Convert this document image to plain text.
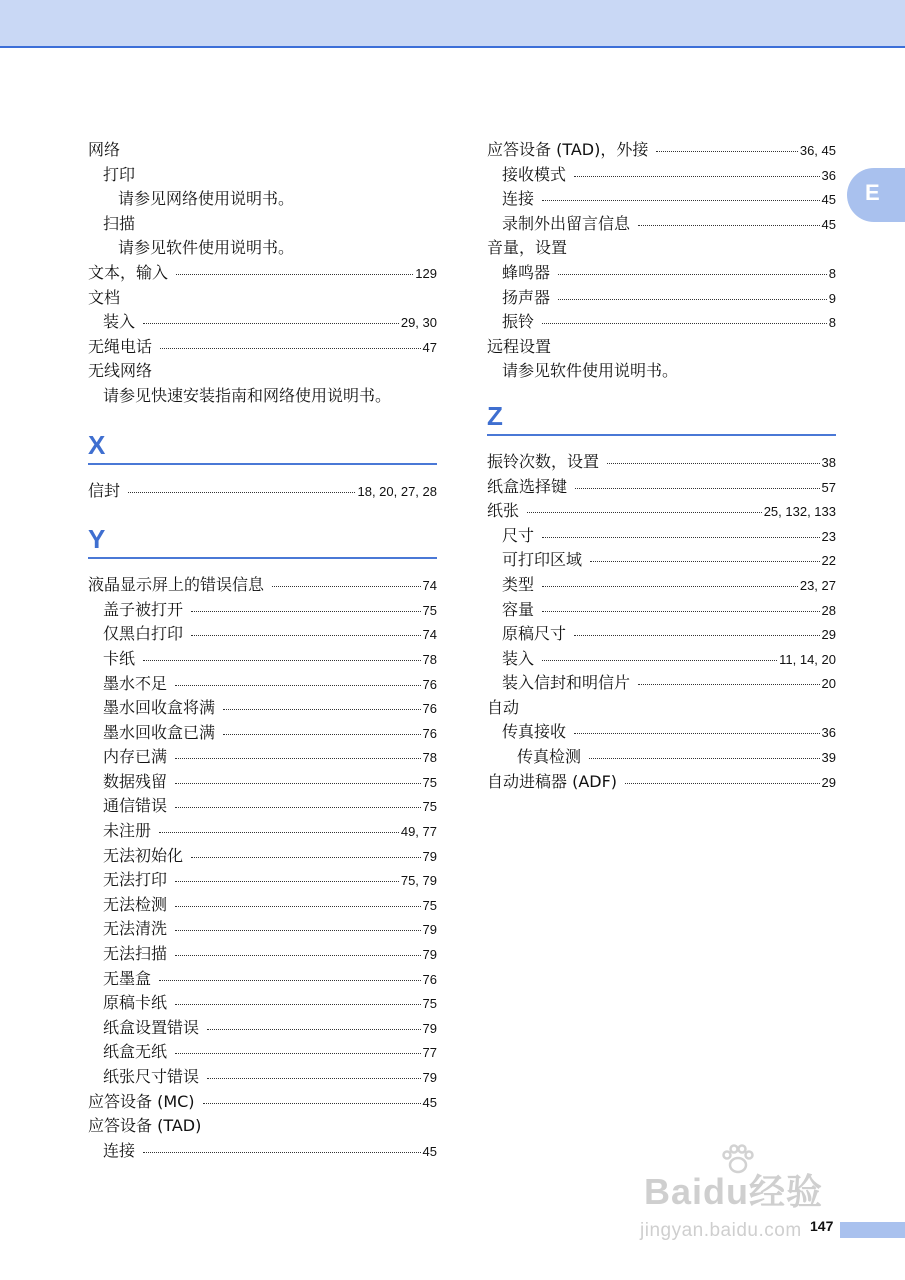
E
网络
打印
请参见网络使用说明书。
扫描
请参见软件使用说明书。
文本，输入	129
文档
装入	29, 30
无绳电话	47
无线网络
请参见快速安装指南和网络使用说明书。
X
信封	18, 20, 27, 28
Y
液晶显示屏上的错误信息	74
盖子被打开	75
仅黑白打印	74
卡纸	78
墨水不足	76
墨水回收盒将满	76
墨水回收盒已满	76
内存已满	78
数据残留	75
通信错误	75
未注册	49, 77
无法初始化	79
无法打印	75, 79
无法检测	75
无法清洗	79
无法扫描	79
无墨盒	76
原稿卡纸	75
纸盒设置错误	79
纸盒无纸	77
纸张尺寸错误	79
应答设备 (MC)	45
应答设备 (TAD)
连接	45
应答设备 (TAD)，外接	36, 45
接收模式	36
连接	45
录制外出留言信息	45
音量，设置
蜂鸣器	8
扬声器	9
振铃	8
远程设置
请参见软件使用说明书。
Z
振铃次数，设置	38
纸盒选择键	57
纸张	25, 132, 133
尺寸	23
可打印区域	22
类型	23, 27
容量	28
原稿尺寸	29
装入	11, 14, 20
装入信封和明信片	20
自动
传真接收	36
传真检测	39
自动进稿器 (ADF)	29
Baidu经验
jingyan.baidu.com 147
